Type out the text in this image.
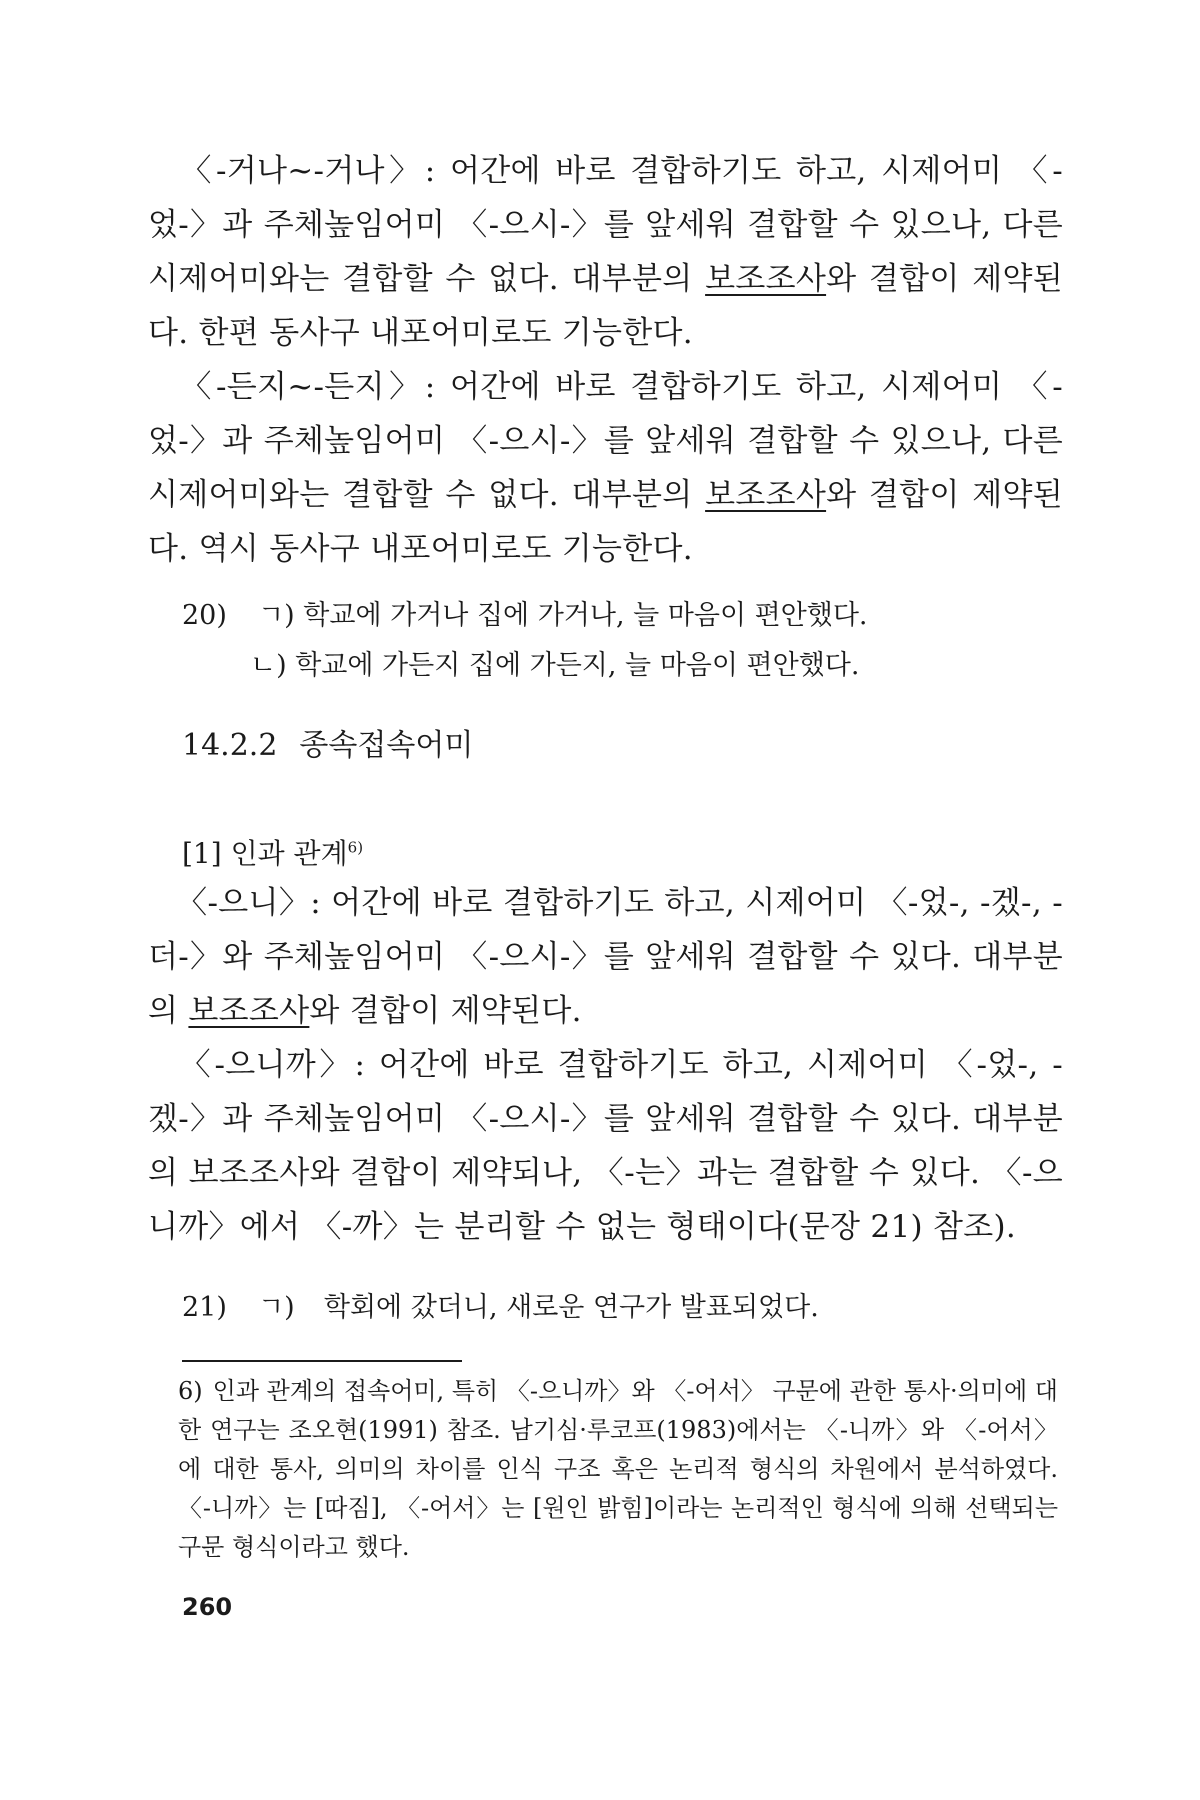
〈-거나~-거나〉: 어간에 바로 결합하기도 하고, 시제어미 〈-었-〉과 주체높임어미 〈-으시-〉를 앞세워 결합할 수 있으나, 다른 시제어미와는 결합할 수 없다. 대부분의 보조조사와 결합이 제약된다. 한편 동사구 내포어미로도 기능한다.

〈-든지~-든지〉: 어간에 바로 결합하기도 하고, 시제어미 〈-었-〉과 주체높임어미 〈-으시-〉를 앞세워 결합할 수 있으나, 다른 시제어미와는 결합할 수 없다. 대부분의 보조조사와 결합이 제약된다. 역시 동사구 내포어미로도 기능한다.

20) ㄱ) 학교에 가거나 집에 가거나, 늘 마음이 편안했다.
ㄴ) 학교에 가든지 집에 가든지, 늘 마음이 편안했다.
14.2.2 종속접속어미
[1] 인과 관계$^{6)}$

〈-으니〉: 어간에 바로 결합하기도 하고, 시제어미 〈-었-, -겠-, -더-〉와 주체높임어미 〈-으시-〉를 앞세워 결합할 수 있다. 대부분의 보조조사와 결합이 제약된다.

〈-으니까〉: 어간에 바로 결합하기도 하고, 시제어미 〈-었-, -겠-〉과 주체높임어미 〈-으시-〉를 앞세워 결합할 수 있다. 대부분의 보조조사와 결합이 제약되나, 〈-는〉과는 결합할 수 있다. 〈-으니까〉에서 〈-까〉는 분리할 수 없는 형태이다(문장 21) 참조).

21) ㄱ) 학회에 갔더니, 새로운 연구가 발표되었다.

6) 인과 관계의 접속어미, 특히 〈-으니까〉와 〈-어서〉 구문에 관한 통사·의미에 대한 연구는 조오현(1991) 참조. 남기심·루코프(1983)에서는 〈-니까〉와 〈-어서〉에 대한 통사, 의미의 차이를 인식 구조 혹은 논리적 형식의 차원에서 분석하였다. 〈-니까〉는 [따짐], 〈-어서〉는 [원인 밝힘]이라는 논리적인 형식에 의해 선택되는 구문 형식이라고 했다.

260
